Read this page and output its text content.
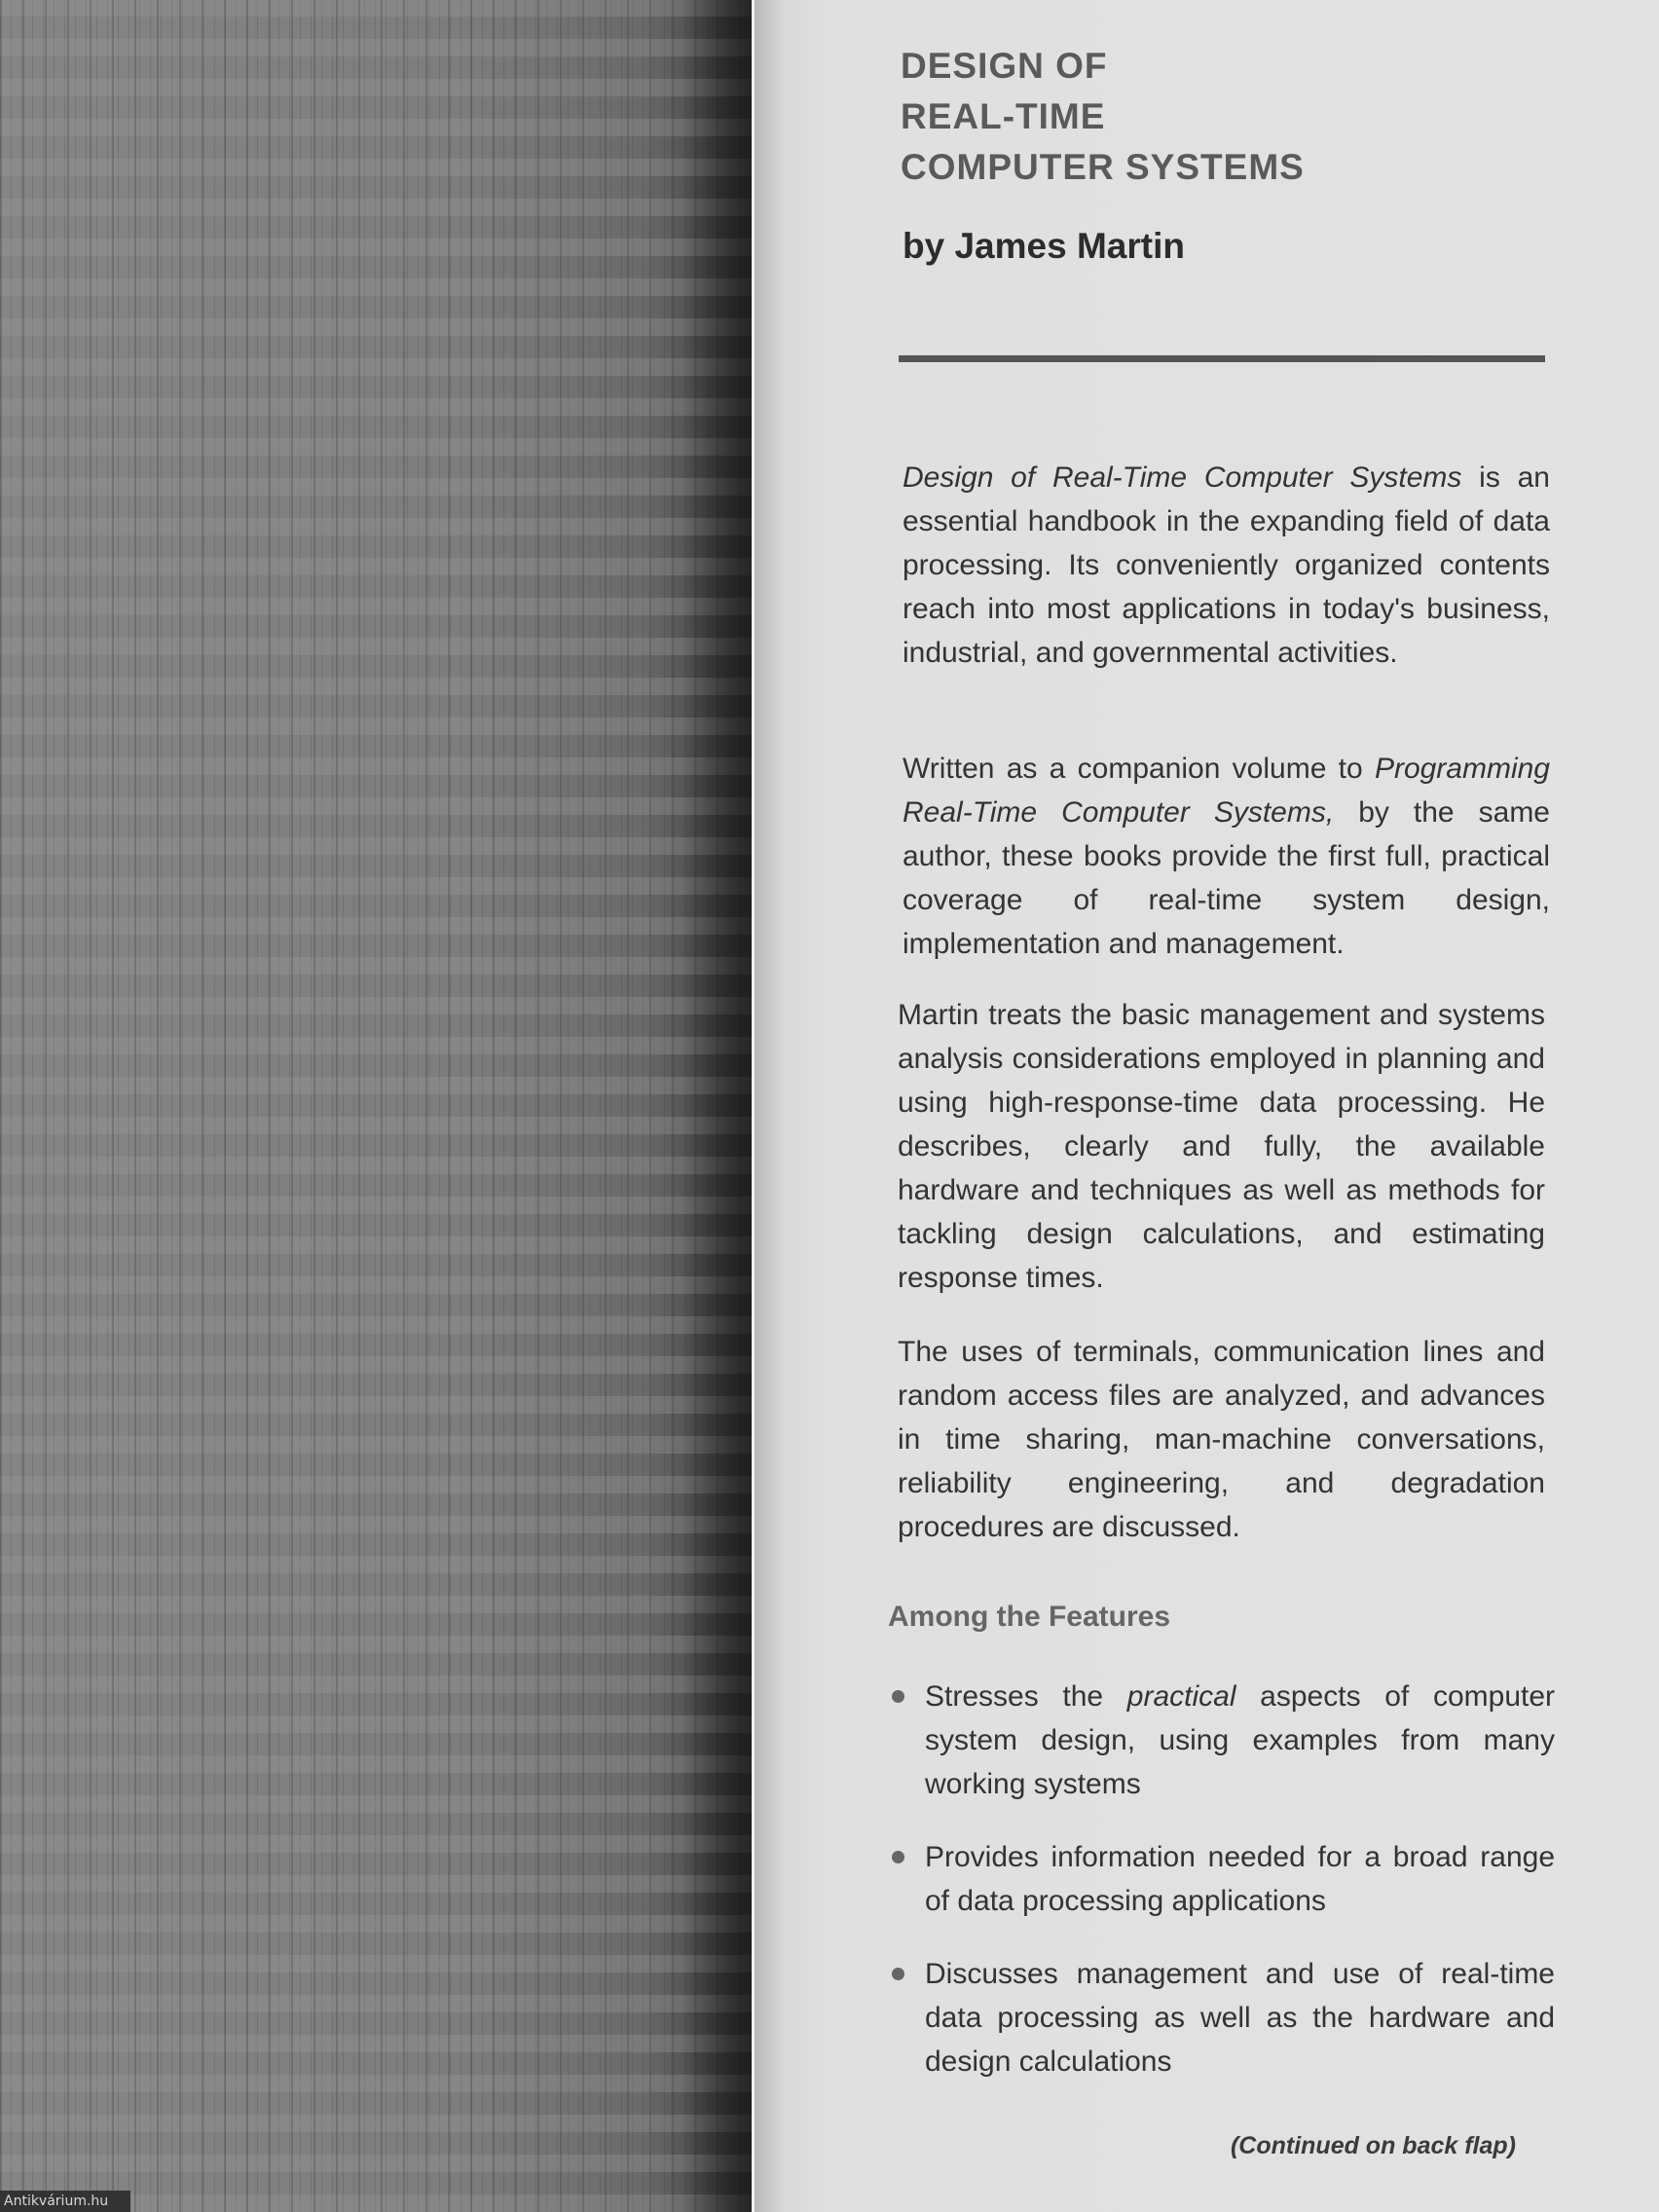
DESIGN OF
REAL-TIME
COMPUTER SYSTEMS

by James Martin

Design of Real-Time Computer Systems is an essential handbook in the expanding field of data processing. Its conveniently organized contents reach into most applications in today's business, industrial, and governmental activities.

Written as a companion volume to Programming Real-Time Computer Systems, by the same author, these books provide the first full, practical coverage of real-time system design, implementation and management.

Martin treats the basic management and systems analysis considerations employed in planning and using high-response-time data processing. He describes, clearly and fully, the available hardware and techniques as well as methods for tackling design calculations, and estimating response times.

The uses of terminals, communication lines and random access files are analyzed, and advances in time sharing, man-machine conversations, reliability engineering, and degradation procedures are discussed.

Among the Features
Stresses the practical aspects of computer system design, using examples from many working systems
Provides information needed for a broad range of data processing applications
Discusses management and use of real-time data processing as well as the hardware and design calculations

(Continued on back flap)

Antikvárium.hu
